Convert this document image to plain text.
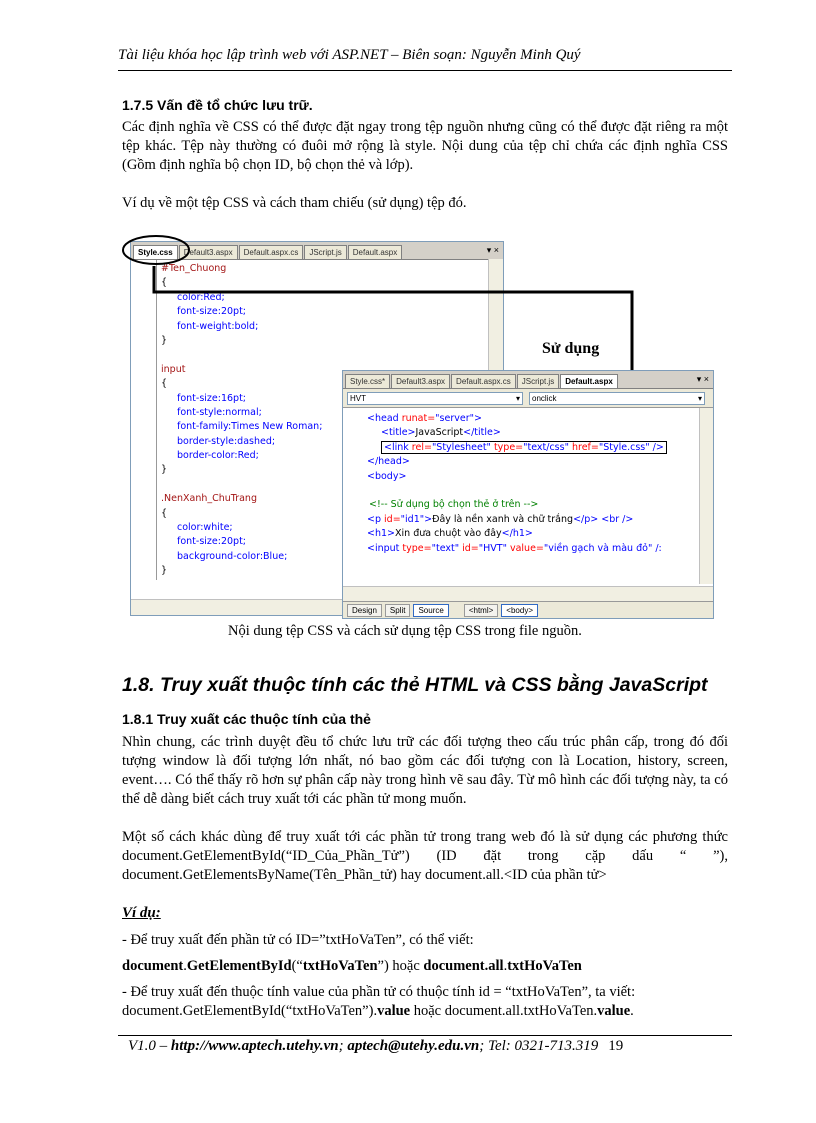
Tài liệu khóa học lập trình web với ASP.NET – Biên soạn: Nguyễn Minh Quý
1.7.5 Vấn đề tổ chức lưu trữ.

Các định nghĩa về CSS có thể được đặt ngay trong tệp nguồn nhưng cũng có thể được đặt riêng ra một tệp khác. Tệp này thường có đuôi mở rộng là style. Nội dung của tệp chỉ chứa các định nghĩa CSS (Gồm định nghĩa bộ chọn ID, bộ chọn thẻ và lớp).

Ví dụ về một tệp CSS và cách tham chiếu (sử dụng) tệp đó.

Style.css	Default3.aspx	Default.aspx.cs	JScript.js	Default.aspx	▾ ×
#Ten_Chuong
{
color:Red;
font-size:20pt;
font-weight:bold;
}
input
{
font-size:16pt;
font-style:normal;
font-family:Times New Roman;
border-style:dashed;
border-color:Red;
}
.NenXanh_ChuTrang
{
color:white;
font-size:20pt;
background-color:Blue;
}
Sử dụng
Style.css*	Default3.aspx	Default.aspx.cs	JScript.js	Default.aspx	▾ ×
HVT	▾ onclick	▾
<head runat="server">
<title>JavaScript</title>
<link rel="Stylesheet" type="text/css" href="Style.css" />
</head>
<body>

<!-- Sử dụng bộ chọn thẻ ở trên -->
<p id="id1">Đây là nền xanh và chữ trắng</p> <br />
<h1>Xin đưa chuột vào đây</h1>
<input type="text" id="HVT" value="viền gạch và màu đỏ" /:
Design	Split	Source	<html>	<body>
Nội dung tệp CSS và cách sử dụng tệp CSS trong file nguồn.
1.8. Truy xuất thuộc tính các thẻ HTML và CSS bằng JavaScript
1.8.1 Truy xuất các thuộc tính của thẻ

Nhìn chung, các trình duyệt đều tổ chức lưu trữ các đối tượng theo cấu trúc phân cấp, trong đó đối tượng window là đối tượng lớn nhất, nó bao gồm các đối tượng con là Location, history, screen, event…. Có thể thấy rõ hơn sự phân cấp này trong hình vẽ sau đây. Từ mô hình các đối tượng này, ta có thể dễ dàng biết cách truy xuất tới các phần tử mong muốn.

Một số cách khác dùng để truy xuất tới các phần tử trong trang web đó là sử dụng các phương thức document.GetElementById(“ID_Của_Phần_Tử”) (ID đặt trong cặp dấu “ ”), document.GetElementsByName(Tên_Phần_tử) hay document.all.<ID của phần tử>

Ví dụ:
- Để truy xuất đến phần tử có ID=”txtHoVaTen”, có thể viết:
document.GetElementById(“txtHoVaTen”) hoặc document.all.txtHoVaTen
- Để truy xuất đến thuộc tính value của phần tử có thuộc tính id = “txtHoVaTen”, ta viết:
document.GetElementById(“txtHoVaTen”).value hoặc document.all.txtHoVaTen.value.
V1.0 – http://www.aptech.utehy.vn; aptech@utehy.edu.vn; Tel: 0321-713.319 19
